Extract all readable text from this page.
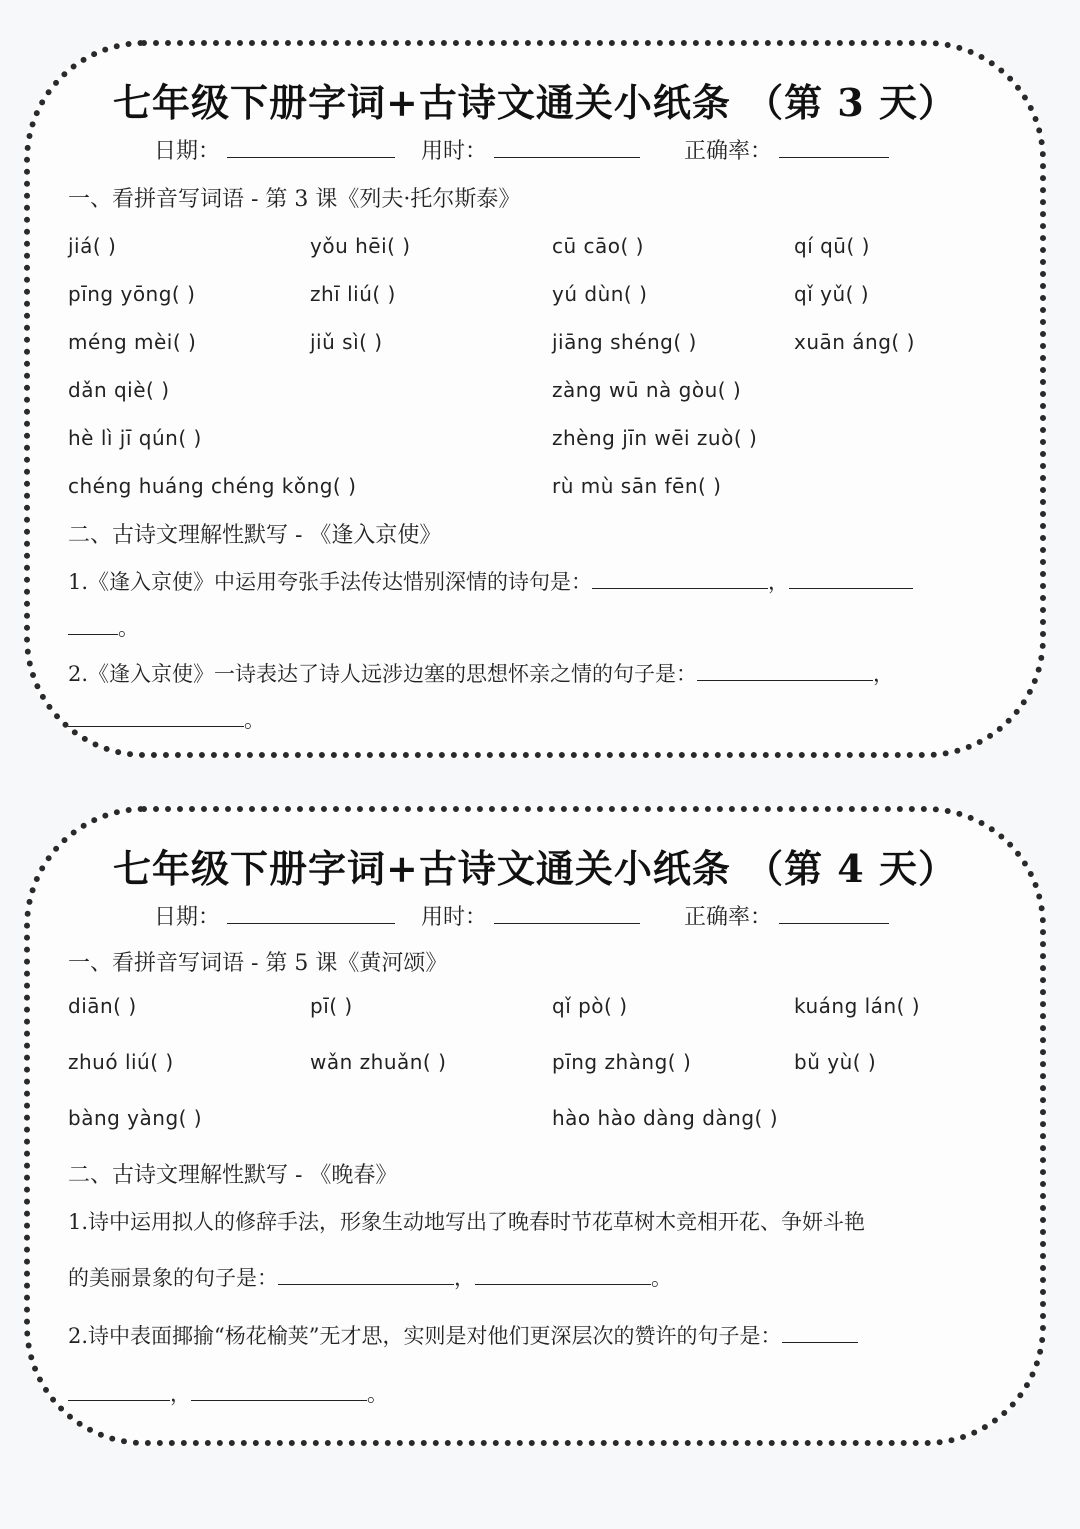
七年级下册字词+古诗文通关小纸条 （第 3 天）
日期：	用时：	正确率：
一、看拼音写词语 - 第 3 课《列夫·托尔斯泰》
jiá( )	yǒu hēi( )	cū cāo( )	qí qū( )
pīng yōng( )	zhī liú( )	yú dùn( )	qǐ yǔ( )
méng mèi( )	jiǔ sì( )	jiāng shéng( )	xuān áng( )
dǎn qiè( )	zàng wū nà gòu( )
hè lì jī qún( )	zhèng jīn wēi zuò( )
chéng huáng chéng kǒng( )	rù mù sān fēn( )
二、古诗文理解性默写 - 《逢入京使》
1.《逢入京使》中运用夸张手法传达惜别深情的诗句是：	，
。
2.《逢入京使》一诗表达了诗人远涉边塞的思想怀亲之情的句子是：	，
。
七年级下册字词+古诗文通关小纸条 （第 4 天）
日期：	用时：	正确率：
一、看拼音写词语 - 第 5 课《黄河颂》
diān( )	pī( )	qǐ pò( )	kuáng lán( )
zhuó liú( )	wǎn zhuǎn( )	pīng zhàng( )	bǔ yù( )
bàng yàng( )	hào hào dàng dàng( )
二、古诗文理解性默写 - 《晚春》
1.诗中运用拟人的修辞手法，形象生动地写出了晚春时节花草树木竞相开花、争妍斗艳
的美丽景象的句子是：	，	。
2.诗中表面揶揄“杨花榆荚”无才思，实则是对他们更深层次的赞许的句子是：
，	。
